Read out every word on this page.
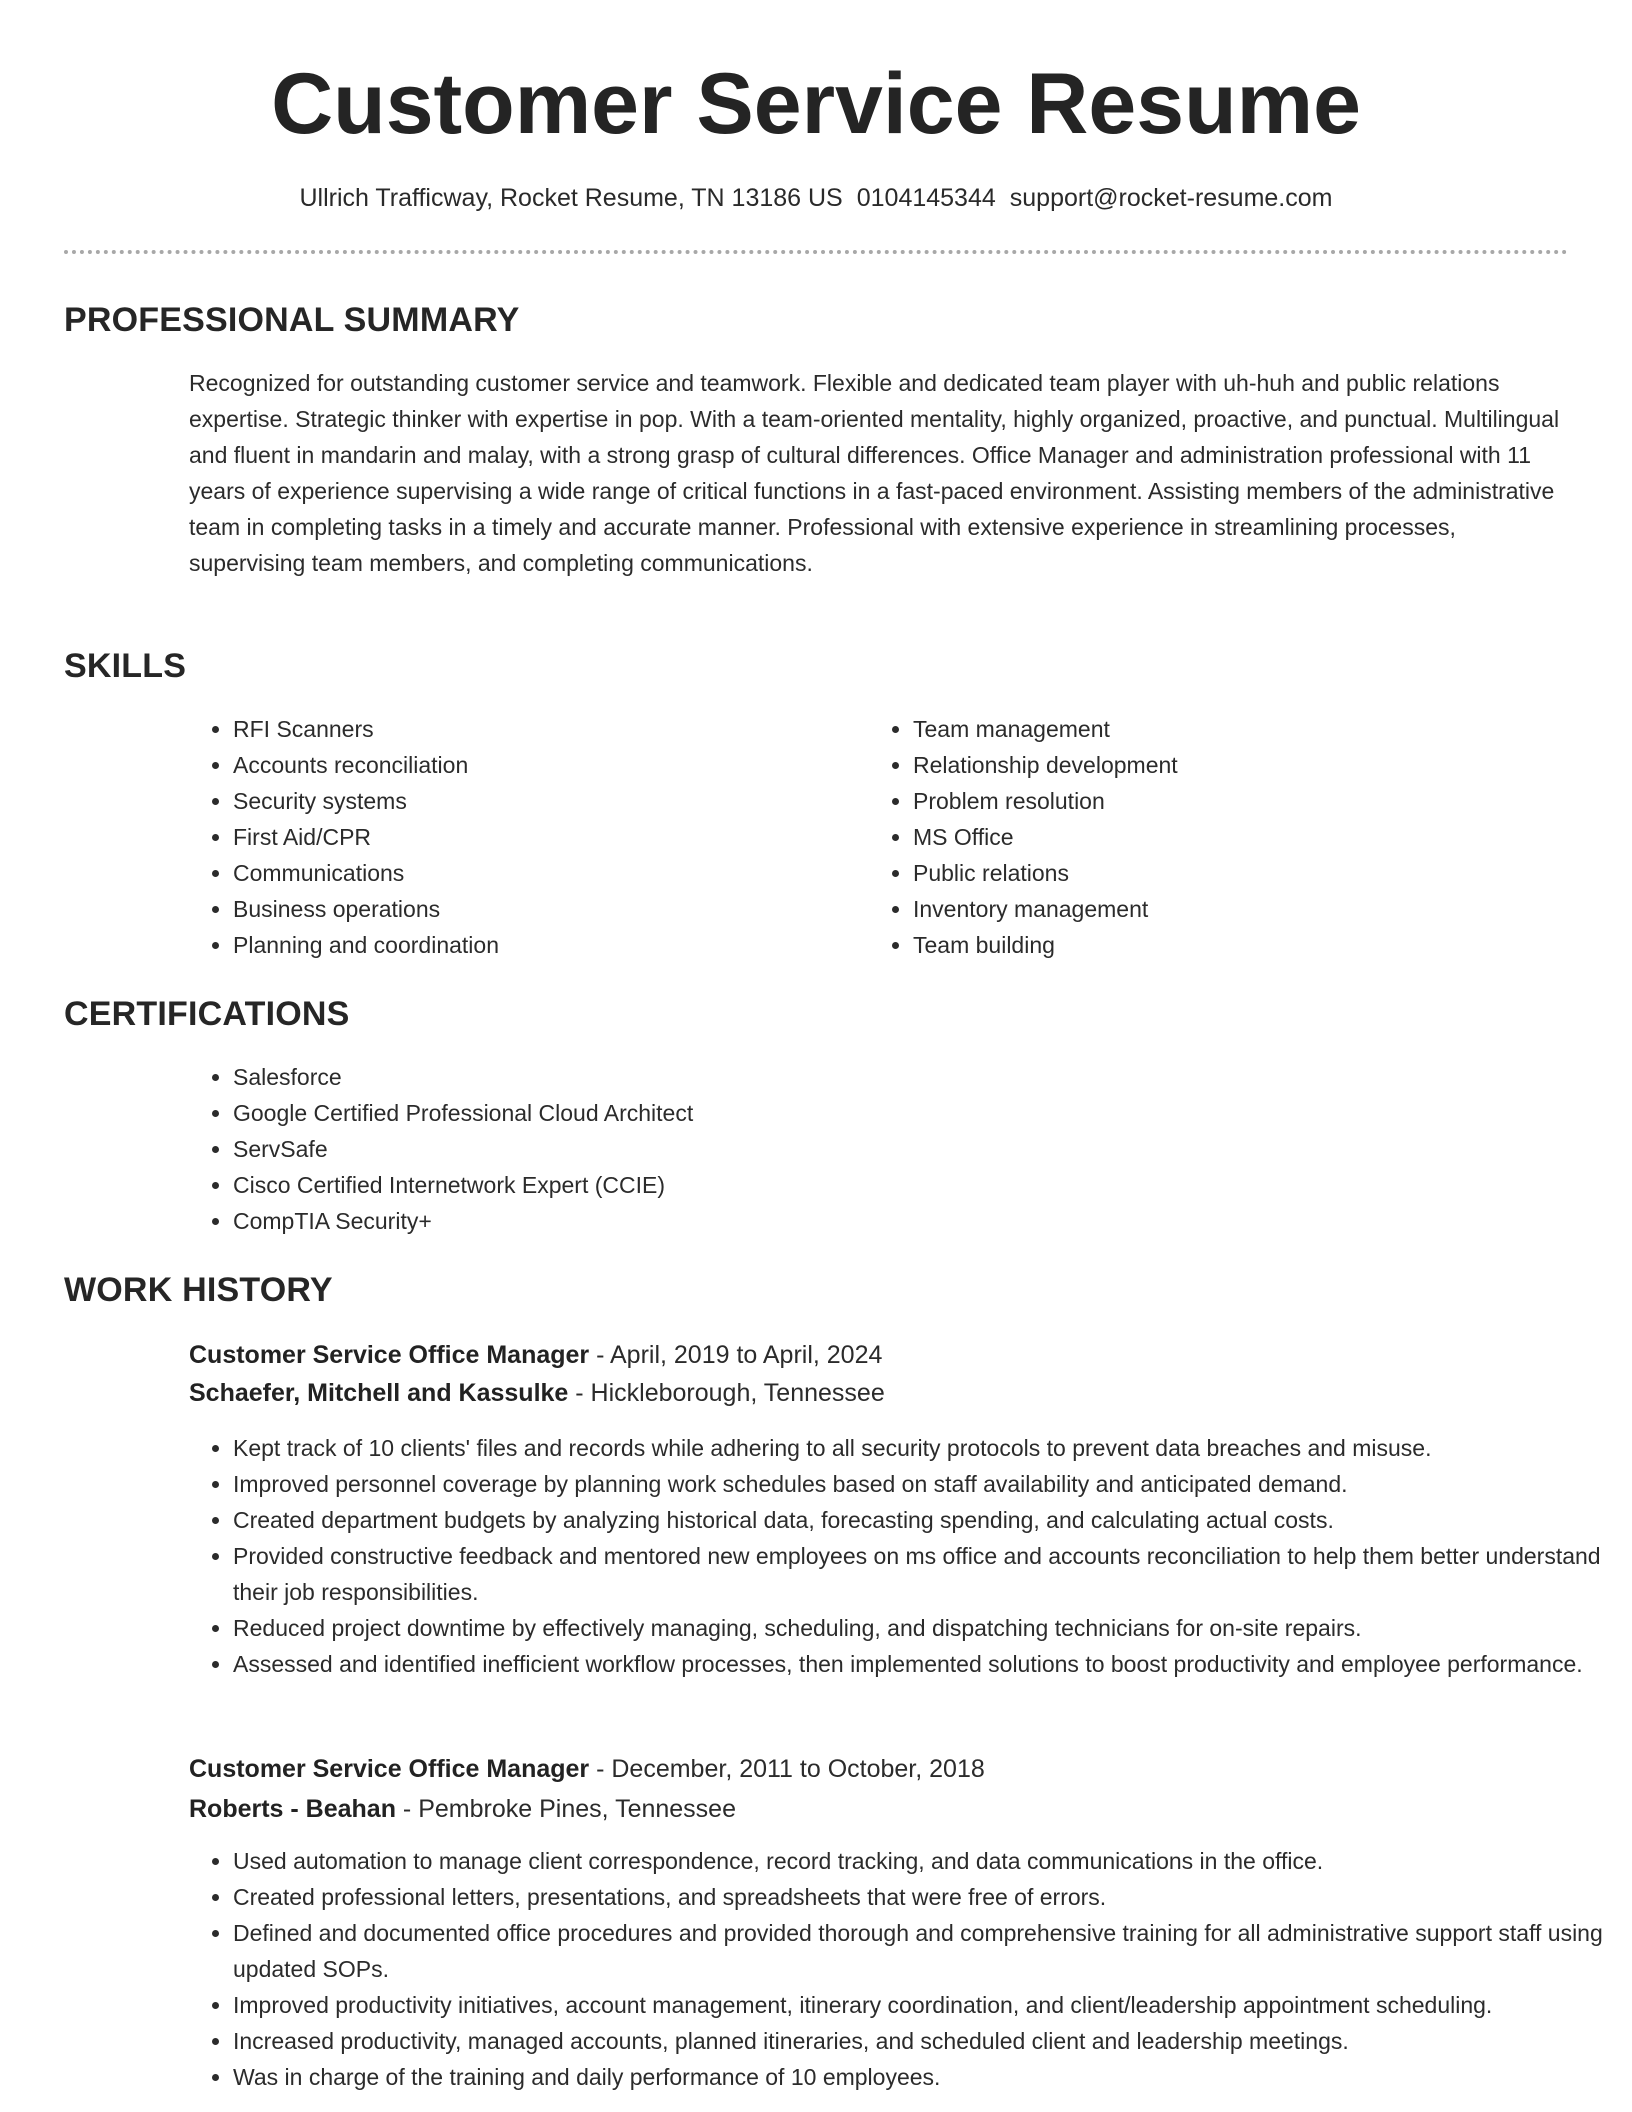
Customer Service Resume
Ullrich Trafficway, Rocket Resume, TN 13186 US 0104145344 support@rocket-resume.com
PROFESSIONAL SUMMARY

Recognized for outstanding customer service and teamwork. Flexible and dedicated team player with uh-huh and public relations expertise. Strategic thinker with expertise in pop. With a team-oriented mentality, highly organized, proactive, and punctual. Multilingual and fluent in mandarin and malay, with a strong grasp of cultural differences. Office Manager and administration professional with 11 years of experience supervising a wide range of critical functions in a fast-paced environment. Assisting members of the administrative team in completing tasks in a timely and accurate manner. Professional with extensive experience in streamlining processes, supervising team members, and completing communications.

SKILLS
• RFI Scanners
• Accounts reconciliation
• Security systems
• First Aid/CPR
• Communications
• Business operations
• Planning and coordination
• Team management
• Relationship development
• Problem resolution
• MS Office
• Public relations
• Inventory management
• Team building
CERTIFICATIONS
• Salesforce
• Google Certified Professional Cloud Architect
• ServSafe
• Cisco Certified Internetwork Expert (CCIE)
• CompTIA Security+
WORK HISTORY
Customer Service Office Manager - April, 2019 to April, 2024
Schaefer, Mitchell and Kassulke - Hickleborough, Tennessee
• Kept track of 10 clients' files and records while adhering to all security protocols to prevent data breaches and misuse.
• Improved personnel coverage by planning work schedules based on staff availability and anticipated demand.
• Created department budgets by analyzing historical data, forecasting spending, and calculating actual costs.
• Provided constructive feedback and mentored new employees on ms office and accounts reconciliation to help them better understand their job responsibilities.
• Reduced project downtime by effectively managing, scheduling, and dispatching technicians for on-site repairs.
• Assessed and identified inefficient workflow processes, then implemented solutions to boost productivity and employee performance.
Customer Service Office Manager - December, 2011 to October, 2018
Roberts - Beahan - Pembroke Pines, Tennessee
• Used automation to manage client correspondence, record tracking, and data communications in the office.
• Created professional letters, presentations, and spreadsheets that were free of errors.
• Defined and documented office procedures and provided thorough and comprehensive training for all administrative support staff using updated SOPs.
• Improved productivity initiatives, account management, itinerary coordination, and client/leadership appointment scheduling.
• Increased productivity, managed accounts, planned itineraries, and scheduled client and leadership meetings.
• Was in charge of the training and daily performance of 10 employees.
